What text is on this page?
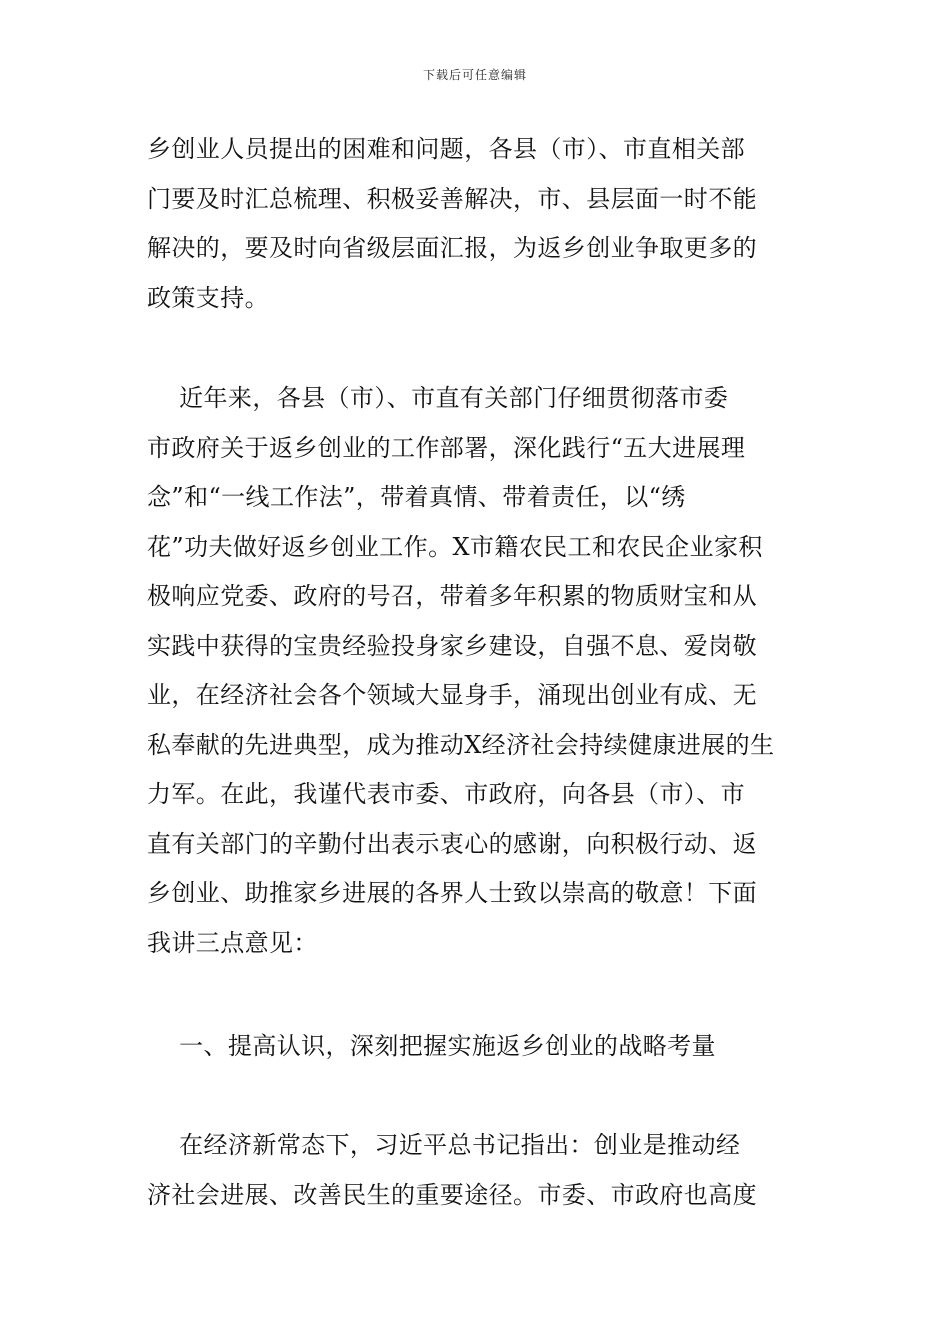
下载后可任意编辑
乡创业人员提出的困难和问题，各县（市）、市直相关部
门要及时汇总梳理、积极妥善解决，市、县层面一时不能
解决的，要及时向省级层面汇报，为返乡创业争取更多的
政策支持。
近年来，各县（市）、市直有关部门仔细贯彻落市委
市政府关于返乡创业的工作部署，深化践行“五大进展理
念”和“一线工作法”，带着真情、带着责任，以“绣
花”功夫做好返乡创业工作。X市籍农民工和农民企业家积
极响应党委、政府的号召，带着多年积累的物质财宝和从
实践中获得的宝贵经验投身家乡建设，自强不息、爱岗敬
业，在经济社会各个领域大显身手，涌现出创业有成、无
私奉献的先进典型，成为推动X经济社会持续健康进展的生
力军。在此，我谨代表市委、市政府，向各县（市）、市
直有关部门的辛勤付出表示衷心的感谢，向积极行动、返
乡创业、助推家乡进展的各界人士致以崇高的敬意！下面
我讲三点意见：
一、提高认识，深刻把握实施返乡创业的战略考量
在经济新常态下，习近平总书记指出：创业是推动经
济社会进展、改善民生的重要途径。市委、市政府也高度
